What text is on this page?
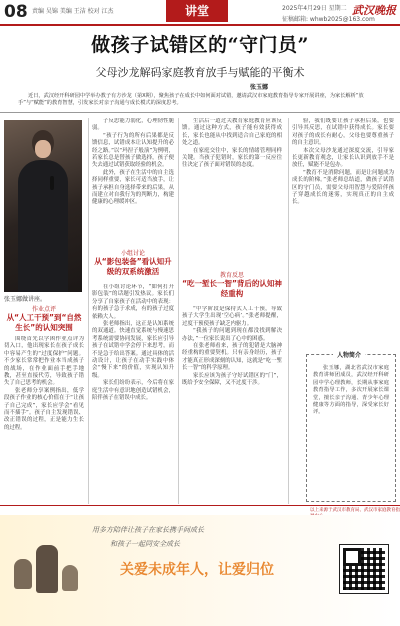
08 责编 吴锦 美编 王洁 校对 江杰	讲堂	2025年4月29日 星期二 武汉晚报
征稿邮箱: whwb2025@163.com
做孩子试错区的“守门员”
父母沙龙解码家庭教育放手与赋能的平衡术
张玉娜
近日，武汉经开科研园中学举办教子有方沙龙（第X期），聚焦孩子在成长中如何面对试错，邀请武汉市家庭教育指导专家开展讲座，为家长解析“放手”与“赋能”的教育智慧，引发家长对亲子沟通与成长模式的深度思考。
张玉娜做讲座。
作业点评
从“人工干预”到“自然生长”的认知突围

围绕首先以学困作业点评为切入口，他出现家长在孩子成长中容易产生的“过度保护”问题。不少家长常常把作业本当成孩子的战场，在作业面前手把手地教，甚至直接代劳，导致孩子错失了自己思考的机会。

张老师分享案例指出，低学段孩子作业的核心价值在于“让孩子自己完成”，家长应学会“看见而不插手”。孩子自主发现错误、改正错误的过程，正是能力生长的过程。

子反思能力弱化，心理韧性脆弱。

“孩子行为的所有后果都是反馈信息，试错成本让认知提升的必经之路。”以“玛涅子般演”为例明，若家长总是替孩子做选择，孩子便失去通过试错获取经验的机会。

此外，孩子在生活中的自主选择同样重要，家长可适当放手，让孩子承担自身选择带来的后果，从而建立对自我行为的判断力，构建健康的心理缓冲区。

小组讨论
从“影包装备”看认知升级的双系统激活

在小组讨论环节，“如何打开影包装”的话题引发热议。家长们分享了自家孩子在活动中的表现：有的孩子急于求成，有的孩子过度依赖大人。

张老师指出，这正是认知系统的双通道。快速直觉系统与慢速思考系统需要协同发展，家长应引导孩子在试错中学会停下来思考，而不是急于给出答案。通过具体的活动设计，让孩子在动手实践中体会“慢下来”的价值，实现认知升级。

家长们纷纷表示，今后将在家庭生活中有意识地创造试错机会，陪伴孩子在错误中成长。

生活后一道过关教育家庭教育应该反馈。通过这种方式，孩子能有效获得成长，家长也能从中找到适合自己家庭的相处之道。

在家庭交往中，家长的情绪管理同样关键。当孩子犯错时，家长的第一反应往往决定了孩子面对错误的态度。

教育反思
“吃一堑长一智”背后的认知神经重构

“中学阶段是保持式人工干预，导致孩子大学生出现‘空心病’。”张老师提醒，过度干预使孩子缺乏内驱力。

“我孩子的问题到现在都没找到解决办法，”一位家长说出了心中的困惑。

在张老师看来，孩子的犯错是大脑神经重构的重要契机。只有亲身经历，孩子才能真正形成深刻的认知，这就是“吃一堑长一智”的科学原理。

家长应该为孩子守好试错区的“门”，既给予安全保障，又不过度干涉。

验，我们既要让孩子承担后果，也要引导其反思，在试错中获得成长。家长要对孩子的成长有耐心，父母也要尊重孩子的自主意识。

本次父母沙龙通过深度交流，引导家长更新教育观念，让家长认识到放手不是放任，赋能不是包办。

“教育不是消除问题，而是让问题成为成长的阶梯。”张老师总结道，做孩子试错区的守门员，需要父母用智慧与爱陪伴孩子穿越成长的迷雾，实现真正的自主成长。

人物简介
张玉娜，湖北省武汉市家庭教育讲师团成员，武汉经开科研园中学心理教师，长期从事家庭教育指导工作，多次开展家长课堂，擅长亲子沟通、青少年心理健康等方面的指导，深受家长好评。
以上来源于武汉市教育局、武汉市家庭教育指
用多方陪伴让孩子在家长携手间成长
和孩子一起同安全成长
关爱未成年人，让爱归位
